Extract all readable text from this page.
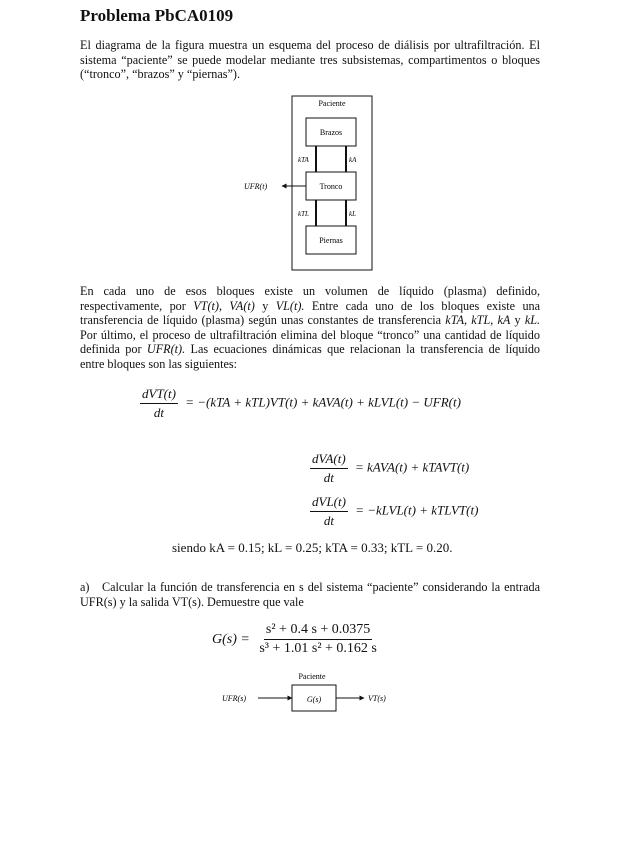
Problema PbCA0109
El diagrama de la figura muestra un esquema del proceso de diálisis por ultrafiltración. El sistema “paciente” se puede modelar mediante tres subsistemas, compartimentos o bloques (“tronco”, “brazos” y “piernas”).
Paciente
Brazos
Tronco
Piernas
kTA	kA
kTL	kL
UFR(t)
En cada uno de esos bloques existe un volumen de líquido (plasma) definido, respectivamente, por VT(t), VA(t) y VL(t). Entre cada uno de los bloques existe una transferencia de líquido (plasma) según unas constantes de transferencia kTA, kTL, kA y kL. Por último, el proceso de ultrafiltración elimina del bloque “tronco” una cantidad de líquido definida por UFR(t). Las ecuaciones dinámicas que relacionan la transferencia de líquido entre bloques son las siguientes:
$\frac{\text{dVT(t)}}{dt} = -(kTA + kTL)VT(t)$ + kAVA(t) + kLVL(t) − UFR(t)
$\frac{\text{dVA(t)}}{dt}$ = kAVA(t) + kTAVT(t)
$\frac{\text{dVL(t)}}{dt}$ = −kLVL(t) + kTLVT(t)
siendo kA = 0.15; kL = 0.25; kTA = 0.33; kTL = 0.20.
a) Calcular la función de transferencia en s del sistema “paciente” considerando la entrada UFR(s) y la salida VT(s). Demuestre que vale
$G(s) = \frac{\text{s² + 0.4 s + 0.0375}}{\text{s³ + 1.01 s² + 0.162 s}}$
Paciente
G(s)
UFR(s)	VT(s)
